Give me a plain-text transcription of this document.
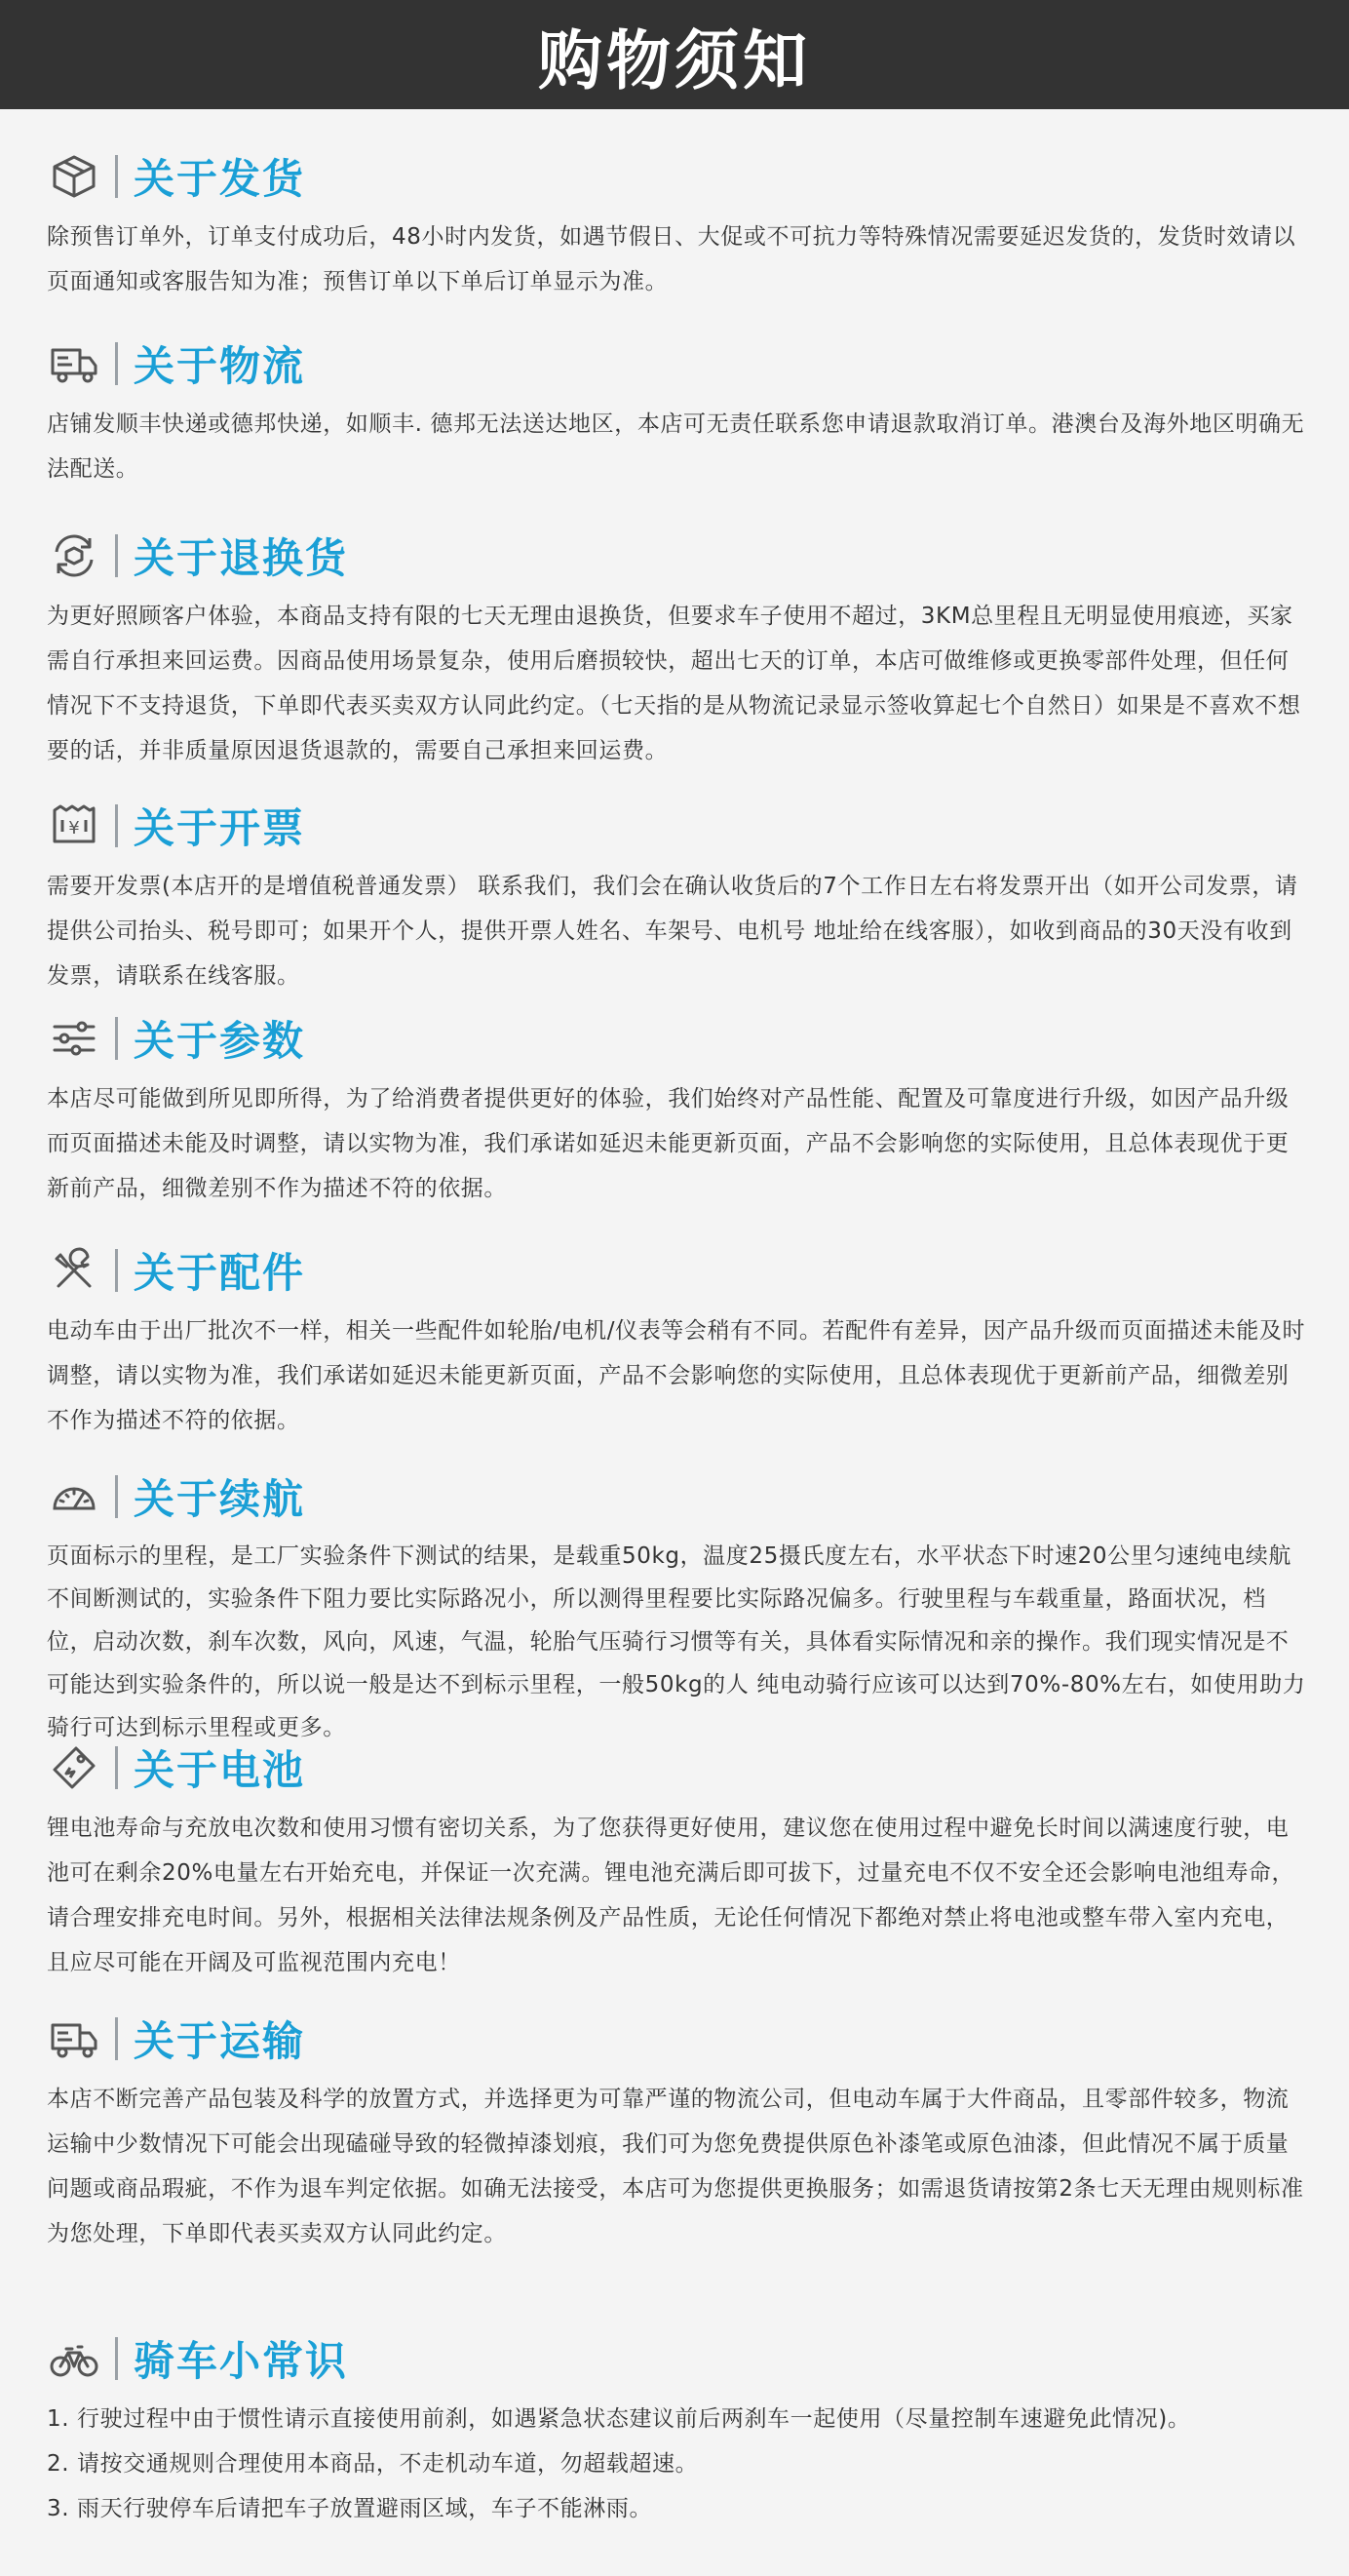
购物须知
关于发货

除预售订单外，订单支付成功后，48小时内发货，如遇节假日、大促或不可抗力等特殊情况需要延迟发货的，发货时效请以页面通知或客服告知为准；预售订单以下单后订单显示为准。

关于物流

店铺发顺丰快递或德邦快递，如顺丰. 德邦无法送达地区，本店可无责任联系您申请退款取消订单。港澳台及海外地区明确无法配送。

关于退换货

为更好照顾客户体验，本商品支持有限的七天无理由退换货，但要求车子使用不超过，3KM总里程且无明显使用痕迹，买家需自行承担来回运费。因商品使用场景复杂，使用后磨损较快，超出七天的订单，本店可做维修或更换零部件处理，但任何情况下不支持退货，下单即代表买卖双方认同此约定。（七天指的是从物流记录显示签收算起七个自然日）如果是不喜欢不想要的话，并非质量原因退货退款的，需要自己承担来回运费。

¥ 关于开票

需要开发票(本店开的是增值税普通发票） 联系我们，我们会在确认收货后的7个工作日左右将发票开出（如开公司发票，请提供公司抬头、税号即可；如果开个人，提供开票人姓名、车架号、电机号 地址给在线客服），如收到商品的30天没有收到发票，请联系在线客服。

关于参数

本店尽可能做到所见即所得，为了给消费者提供更好的体验，我们始终对产品性能、配置及可靠度进行升级，如因产品升级而页面描述未能及时调整，请以实物为准，我们承诺如延迟未能更新页面，产品不会影响您的实际使用，且总体表现优于更新前产品，细微差别不作为描述不符的依据。

关于配件

电动车由于出厂批次不一样，相关一些配件如轮胎/电机/仪表等会稍有不同。若配件有差异，因产品升级而页面描述未能及时调整，请以实物为准，我们承诺如延迟未能更新页面，产品不会影响您的实际使用，且总体表现优于更新前产品，细微差别不作为描述不符的依据。

关于续航

页面标示的里程，是工厂实验条件下测试的结果，是载重50kg，温度25摄氏度左右，水平状态下时速20公里匀速纯电续航不间断测试的，实验条件下阻力要比实际路况小，所以测得里程要比实际路况偏多。行驶里程与车载重量，路面状况，档位，启动次数，刹车次数，风向，风速，气温，轮胎气压骑行习惯等有关，具体看实际情况和亲的操作。我们现实情况是不可能达到实验条件的，所以说一般是达不到标示里程，一般50kg的人 纯电动骑行应该可以达到70%-80%左右，如使用助力骑行可达到标示里程或更多。

关于电池

锂电池寿命与充放电次数和使用习惯有密切关系，为了您获得更好使用，建议您在使用过程中避免长时间以满速度行驶，电池可在剩余20%电量左右开始充电，并保证一次充满。锂电池充满后即可拔下，过量充电不仅不安全还会影响电池组寿命，请合理安排充电时间。另外，根据相关法律法规条例及产品性质，无论任何情况下都绝对禁止将电池或整车带入室内充电，且应尽可能在开阔及可监视范围内充电！

关于运输

本店不断完善产品包装及科学的放置方式，并选择更为可靠严谨的物流公司，但电动车属于大件商品，且零部件较多，物流运输中少数情况下可能会出现磕碰导致的轻微掉漆划痕，我们可为您免费提供原色补漆笔或原色油漆，但此情况不属于质量问题或商品瑕疵，不作为退车判定依据。如确无法接受，本店可为您提供更换服务；如需退货请按第2条七天无理由规则标准为您处理，下单即代表买卖双方认同此约定。

骑车小常识

1. 行驶过程中由于惯性请示直接使用前刹，如遇紧急状态建议前后两刹车一起使用（尽量控制车速避免此情况)。

2. 请按交通规则合理使用本商品，不走机动车道，勿超载超速。

3. 雨天行驶停车后请把车子放置避雨区域，车子不能淋雨。
